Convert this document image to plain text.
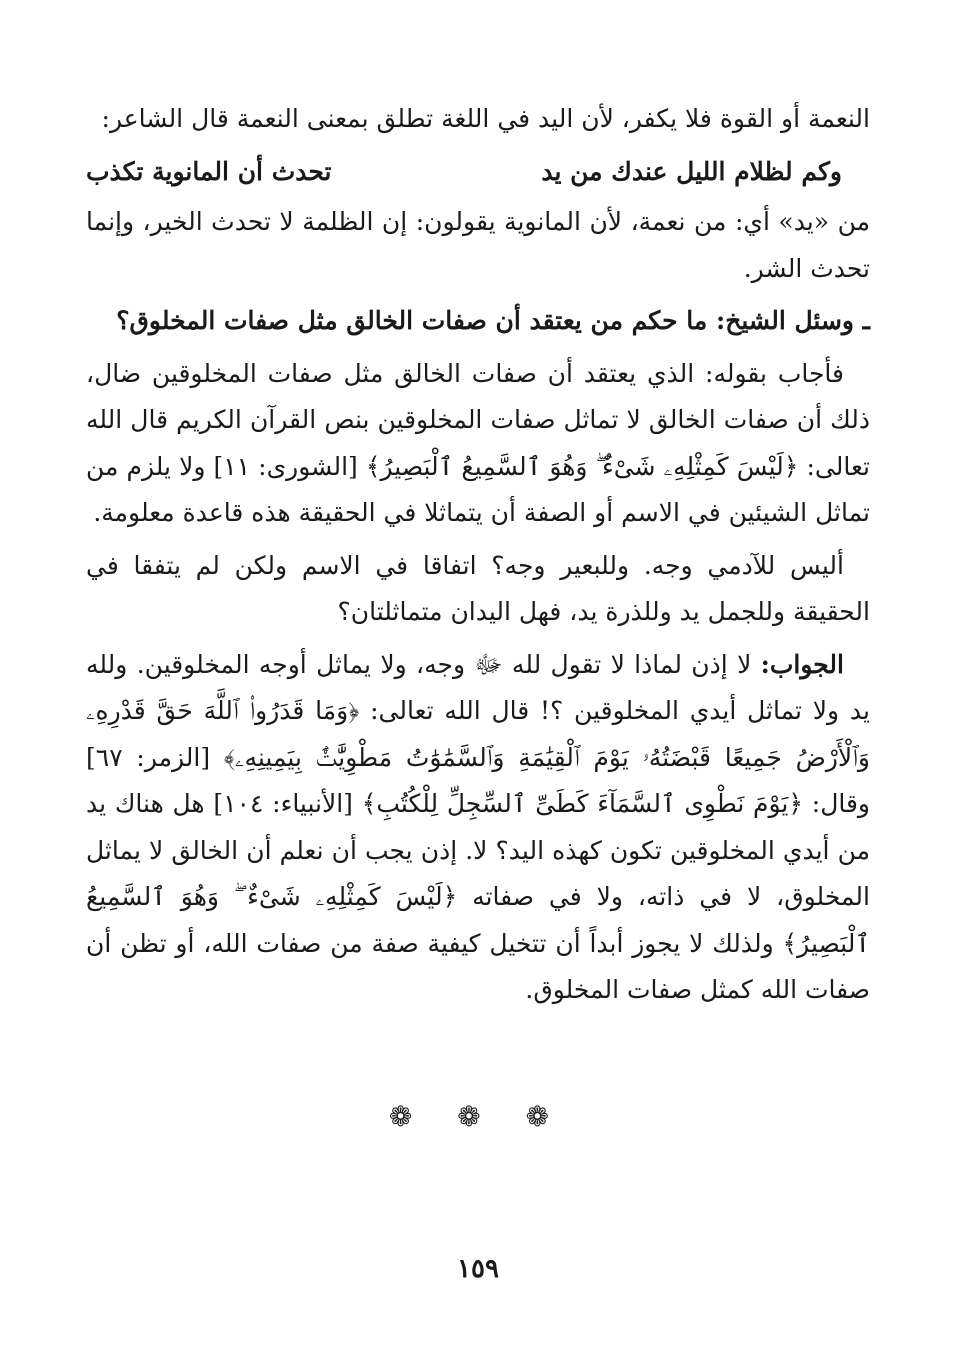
النعمة أو القوة فلا يكفر، لأن اليد في اللغة تطلق بمعنى النعمة قال الشاعر:

وكم لظلام الليل عندك من يد
تحدث أن المانوية تكذب

من «يد» أي: من نعمة، لأن المانوية يقولون: إن الظلمة لا تحدث الخير، وإنما تحدث الشر.

ـ وسئل الشيخ: ما حكم من يعتقد أن صفات الخالق مثل صفات المخلوق؟

فأجاب بقوله: الذي يعتقد أن صفات الخالق مثل صفات المخلوقين ضال، ذلك أن صفات الخالق لا تماثل صفات المخلوقين بنص القرآن الكريم قال الله تعالى: ﴿لَيْسَ كَمِثْلِهِۦ شَىْءٌ ۖ وَهُوَ ٱلسَّمِيعُ ٱلْبَصِيرُ﴾ [الشورى: ١١] ولا يلزم من تماثل الشيئين في الاسم أو الصفة أن يتماثلا في الحقيقة هذه قاعدة معلومة.

أليس للآدمي وجه. وللبعير وجه؟ اتفاقا في الاسم ولكن لم يتفقا في الحقيقة وللجمل يد وللذرة يد، فهل اليدان متماثلتان؟

الجواب: لا إذن لماذا لا تقول لله ﷻ وجه، ولا يماثل أوجه المخلوقين. ولله يد ولا تماثل أيدي المخلوقين ؟! قال الله تعالى: ﴿وَمَا قَدَرُوا۟ ٱللَّهَ حَقَّ قَدْرِهِۦ وَٱلْأَرْضُ جَمِيعًا قَبْضَتُهُۥ يَوْمَ ٱلْقِيَٰمَةِ وَٱلسَّمَٰوَٰتُ مَطْوِيَّٰتٌۢ بِيَمِينِهِۦ﴾ [الزمر: ٦٧] وقال: ﴿يَوْمَ نَطْوِى ٱلسَّمَآءَ كَطَىِّ ٱلسِّجِلِّ لِلْكُتُبِ﴾ [الأنبياء: ١٠٤] هل هناك يد من أيدي المخلوقين تكون كهذه اليد؟ لا. إذن يجب أن نعلم أن الخالق لا يماثل المخلوق، لا في ذاته، ولا في صفاته ﴿لَيْسَ كَمِثْلِهِۦ شَىْءٌ ۖ وَهُوَ ٱلسَّمِيعُ ٱلْبَصِيرُ﴾ ولذلك لا يجوز أبداً أن تتخيل كيفية صفة من صفات الله، أو تظن أن صفات الله كمثل صفات المخلوق.

❁ ❁ ❁
١٥٩
